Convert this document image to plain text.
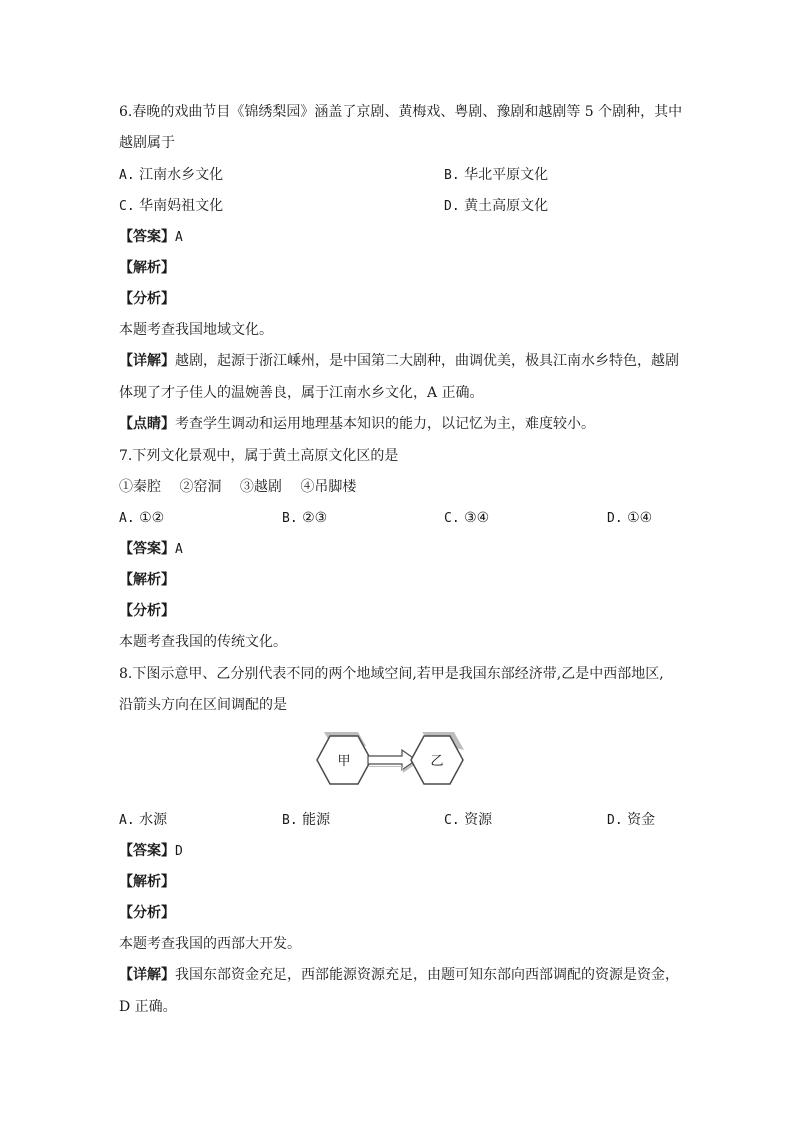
6.春晚的戏曲节目《锦绣梨园》涵盖了京剧、黄梅戏、粤剧、豫剧和越剧等 5 个剧种，其中
越剧属于
A. 江南水乡文化	B. 华北平原文化
C. 华南妈祖文化	D. 黄土高原文化
【答案】A
【解析】
【分析】
本题考查我国地域文化。
【详解】越剧，起源于浙江嵊州，是中国第二大剧种，曲调优美，极具江南水乡特色，越剧
体现了才子佳人的温婉善良，属于江南水乡文化，A 正确。
【点睛】考查学生调动和运用地理基本知识的能力，以记忆为主，难度较小。
7.下列文化景观中，属于黄土高原文化区的是
①秦腔　 ②窑洞　 ③越剧　 ④吊脚楼
A. ①②	B. ②③	C. ③④	D. ①④
【答案】A
【解析】
【分析】
本题考查我国的传统文化。
8.下图示意甲、乙分别代表不同的两个地域空间,若甲是我国东部经济带,乙是中西部地区,
沿箭头方向在区间调配的是
甲	乙
A. 水源	B. 能源	C. 资源	D. 资金
【答案】D
【解析】
【分析】
本题考查我国的西部大开发。
【详解】我国东部资金充足，西部能源资源充足，由题可知东部向西部调配的资源是资金，
D 正确。
